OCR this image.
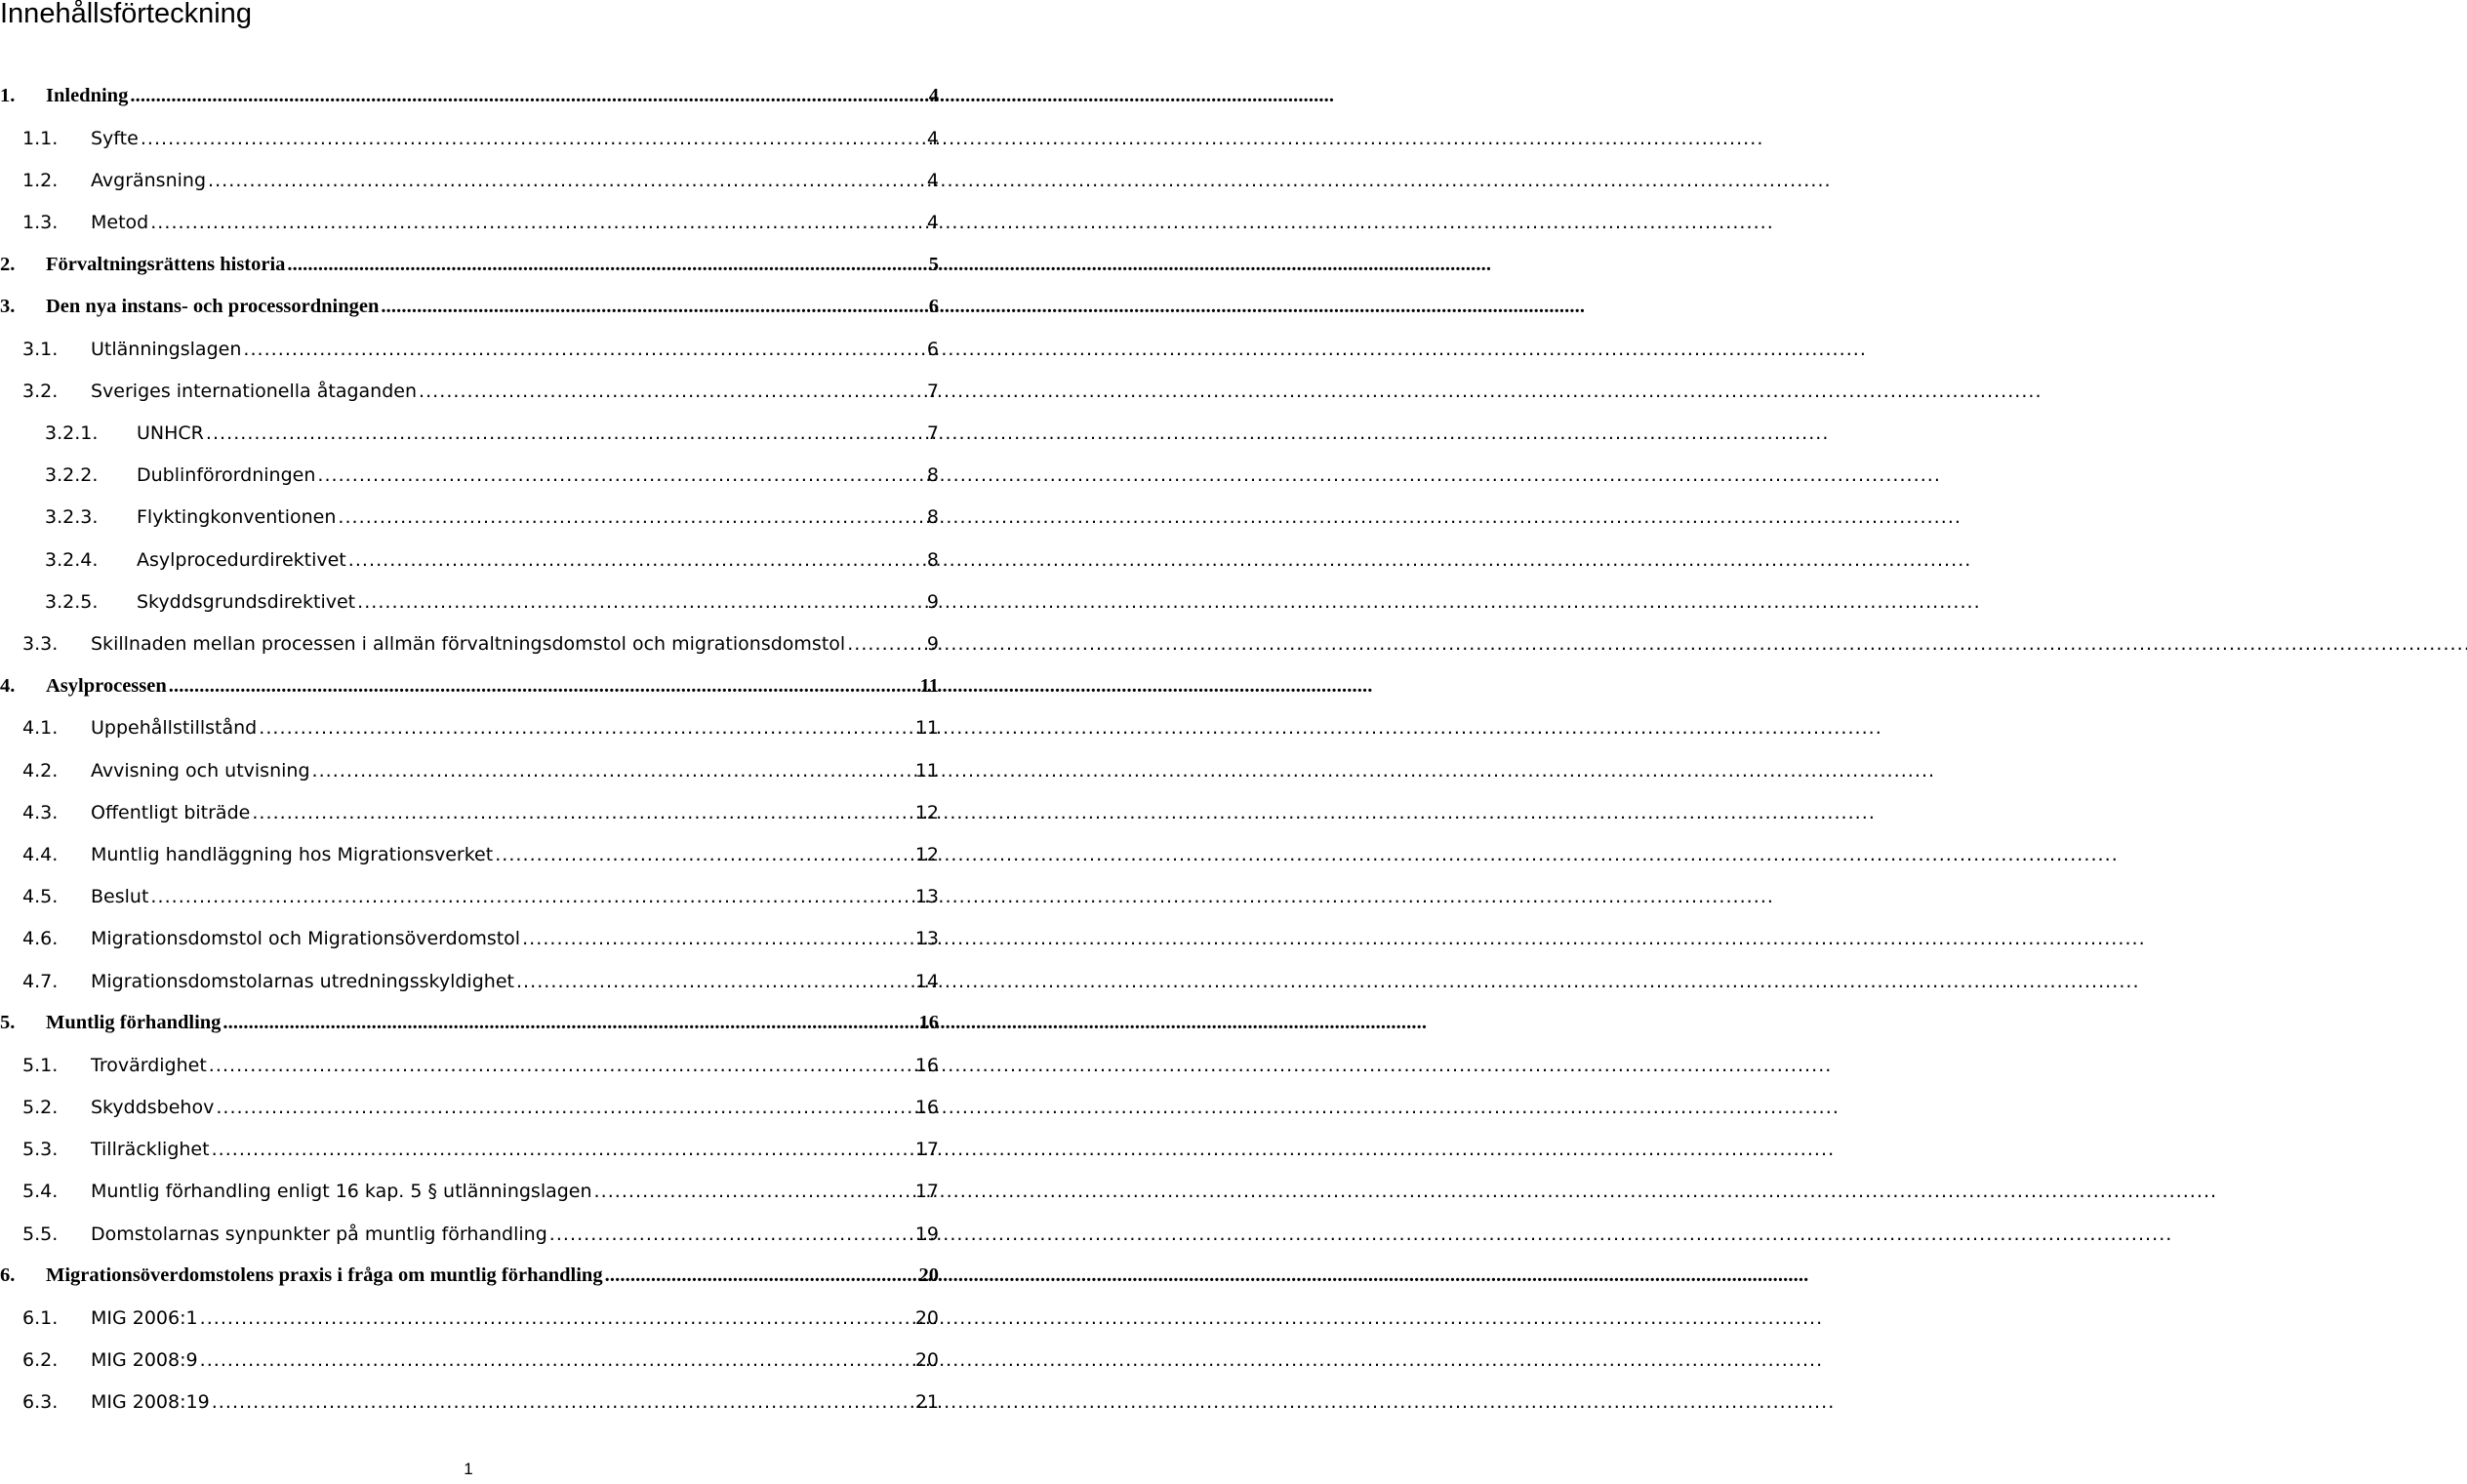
Innehållsförteckning
1. Inledning . . .	4
1.1. Syfte . . .	4
1.2. Avgränsning . . .	4
1.3. Metod . . .	4
2. Förvaltningsrättens historia . . .	5
3. Den nya instans- och processordningen . . .	6
3.1. Utlänningslagen . . .	6
3.2. Sveriges internationella åtaganden . . .	7
3.2.1. UNHCR . . .	7
3.2.2. Dublinförordningen . . .	8
3.2.3. Flyktingkonventionen . . .	8
3.2.4. Asylprocedurdirektivet . . .	8
3.2.5. Skyddsgrundsdirektivet . . .	9
3.3. Skillnaden mellan processen i allmän förvaltningsdomstol och migrationsdomstol . . .	9
4. Asylprocessen . . .	11
4.1. Uppehållstillstånd . . .	11
4.2. Avvisning och utvisning . . .	11
4.3. Offentligt biträde . . .	12
4.4. Muntlig handläggning hos Migrationsverket . . .	12
4.5. Beslut . . .	13
4.6. Migrationsdomstol och Migrationsöverdomstol . . .	13
4.7. Migrationsdomstolarnas utredningsskyldighet . . .	14
5. Muntlig förhandling . . .	16
5.1. Trovärdighet . . .	16
5.2. Skyddsbehov . . .	16
5.3. Tillräcklighet . . .	17
5.4. Muntlig förhandling enligt 16 kap. 5 § utlänningslagen . . .	17
5.5. Domstolarnas synpunkter på muntlig förhandling . . .	19
6. Migrationsöverdomstolens praxis i fråga om muntlig förhandling . . .	20
6.1. MIG 2006:1 . . .	20
6.2. MIG 2008:9 . . .	20
6.3. MIG 2008:19 . . .	21
1
